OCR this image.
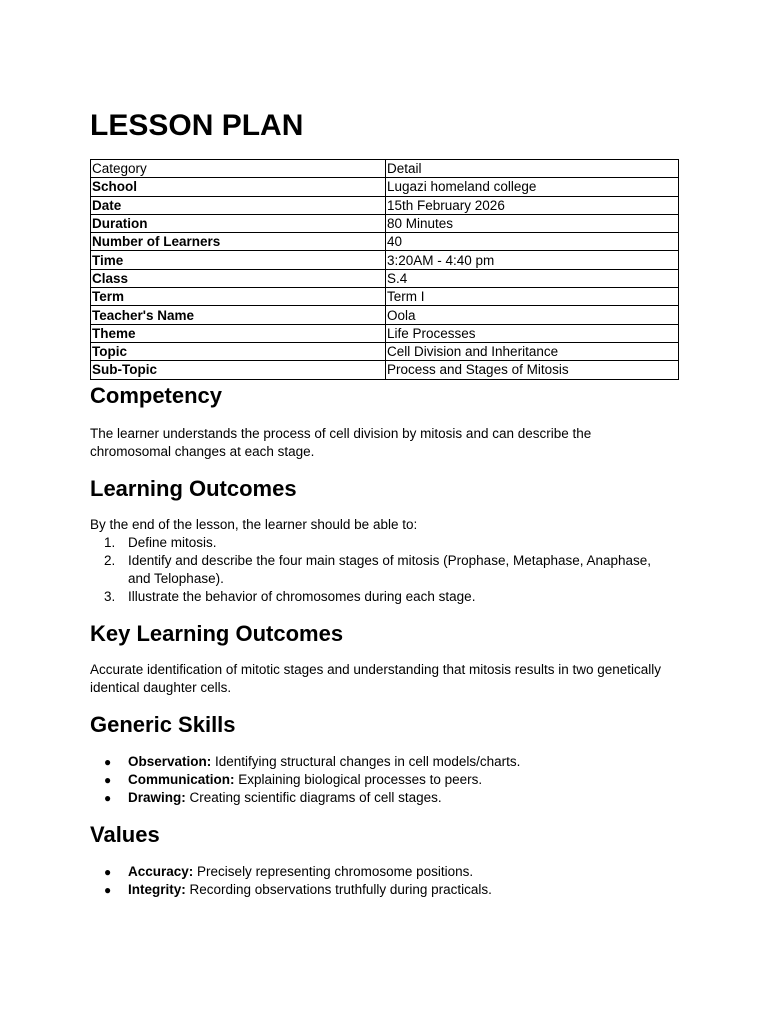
LESSON PLAN
Category	Detail
School	Lugazi homeland college
Date	15th February 2026
Duration	80 Minutes
Number of Learners	40
Time	3:20AM - 4:40 pm
Class	S.4
Term	Term I
Teacher's Name	Oola
Theme	Life Processes
Topic	Cell Division and Inheritance
Sub-Topic	Process and Stages of Mitosis
Competency

The learner understands the process of cell division by mitosis and can describe the
chromosomal changes at each stage.

Learning Outcomes

By the end of the lesson, the learner should be able to:

1. Define mitosis.
2. Identify and describe the four main stages of mitosis (Prophase, Metaphase, Anaphase,
and Telophase).
3. Illustrate the behavior of chromosomes during each stage.
Key Learning Outcomes

Accurate identification of mitotic stages and understanding that mitosis results in two genetically
identical daughter cells.

Generic Skills
● Observation: Identifying structural changes in cell models/charts.
● Communication: Explaining biological processes to peers.
● Drawing: Creating scientific diagrams of cell stages.
Values
● Accuracy: Precisely representing chromosome positions.
● Integrity: Recording observations truthfully during practicals.
